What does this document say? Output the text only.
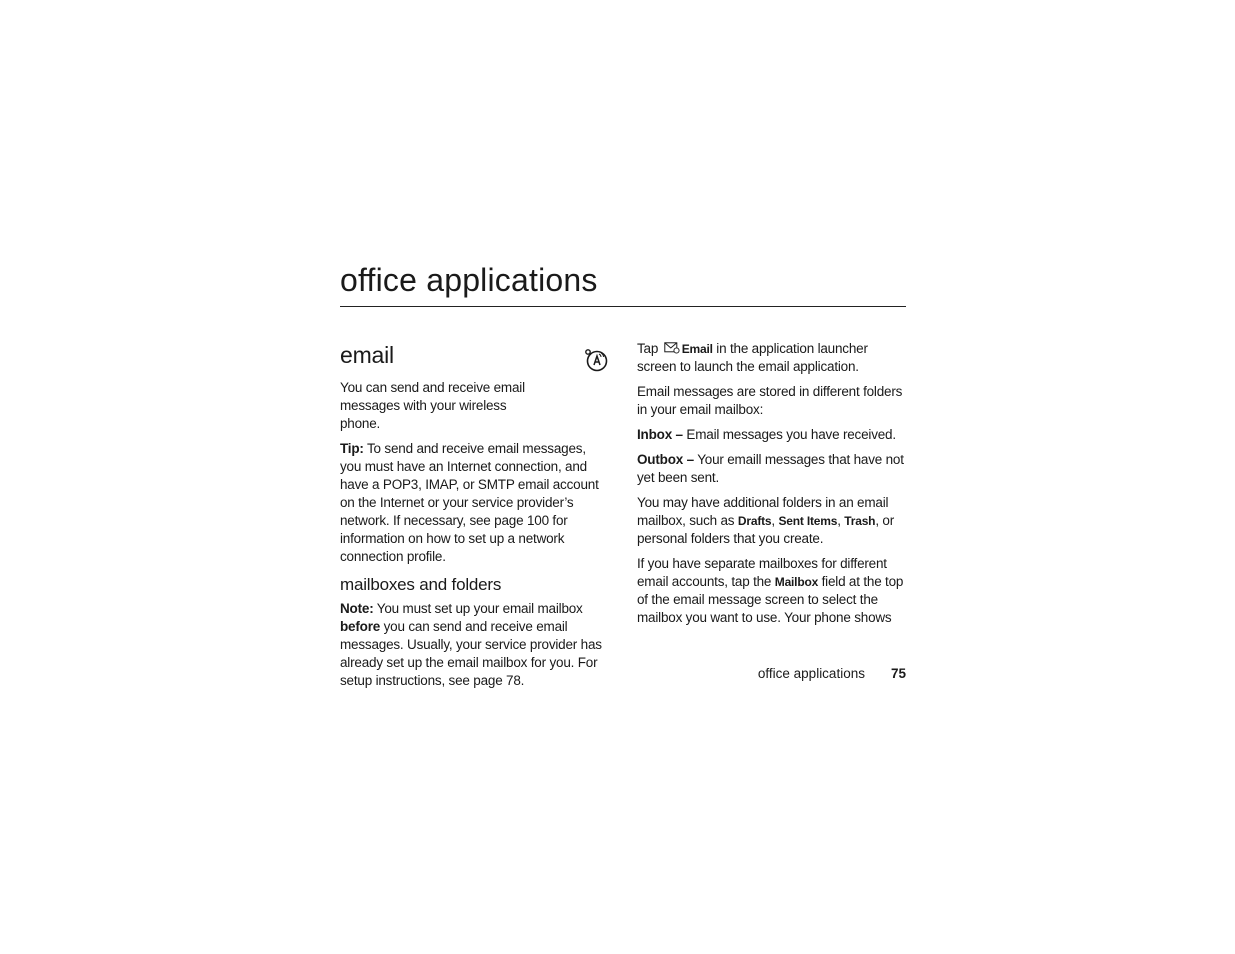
office applications
email

You can send and receive email messages with your wireless phone.

Tip: To send and receive email messages, you must have an Internet connection, and have a POP3, IMAP, or SMTP email account on the Internet or your service provider’s network. If necessary, see page 100 for information on how to set up a network connection profile.

mailboxes and folders

Note: You must set up your email mailbox before you can send and receive email messages. Usually, your service provider has already set up the email mailbox for you. For setup instructions, see page 78.

Tap Email in the application launcher screen to launch the email application.

Email messages are stored in different folders in your email mailbox:

Inbox – Email messages you have received.

Outbox – Your emaill messages that have not yet been sent.

You may have additional folders in an email mailbox, such as Drafts, Sent Items, Trash, or personal folders that you create.

If you have separate mailboxes for different email accounts, tap the Mailbox field at the top of the email message screen to select the mailbox you want to use. Your phone shows

office applications 75
